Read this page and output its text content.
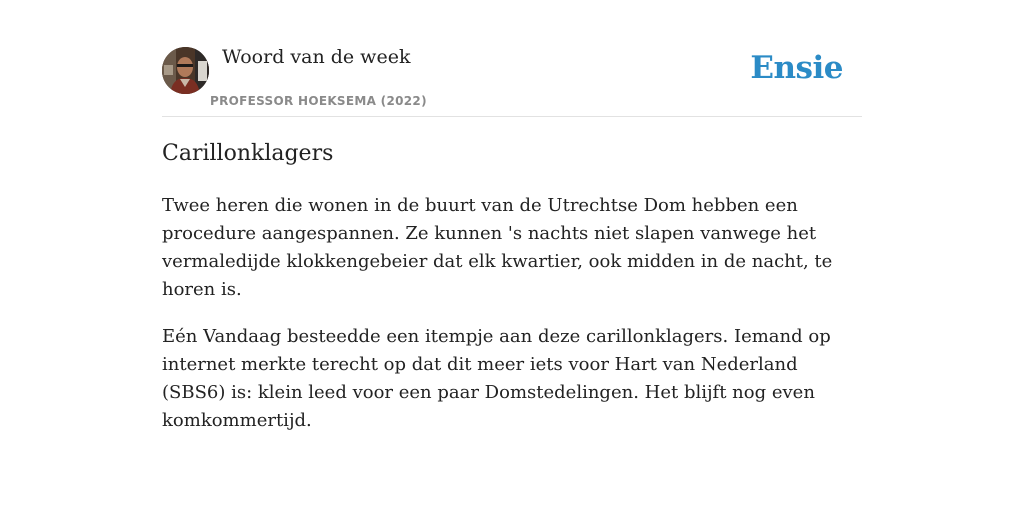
Woord van de week
PROFESSOR HOEKSEMA (2022)
Ensie
Carillonklagers

Twee heren die wonen in de buurt van de Utrechtse Dom hebben een procedure aangespannen. Ze kunnen 's nachts niet slapen vanwege het vermaledijde klokkengebeier dat elk kwartier, ook midden in de nacht, te horen is.

Eén Vandaag besteedde een itempje aan deze carillonklagers. Iemand op internet merkte terecht op dat dit meer iets voor Hart van Nederland (SBS6) is: klein leed voor een paar Domstedelingen. Het blijft nog even komkommertijd.
